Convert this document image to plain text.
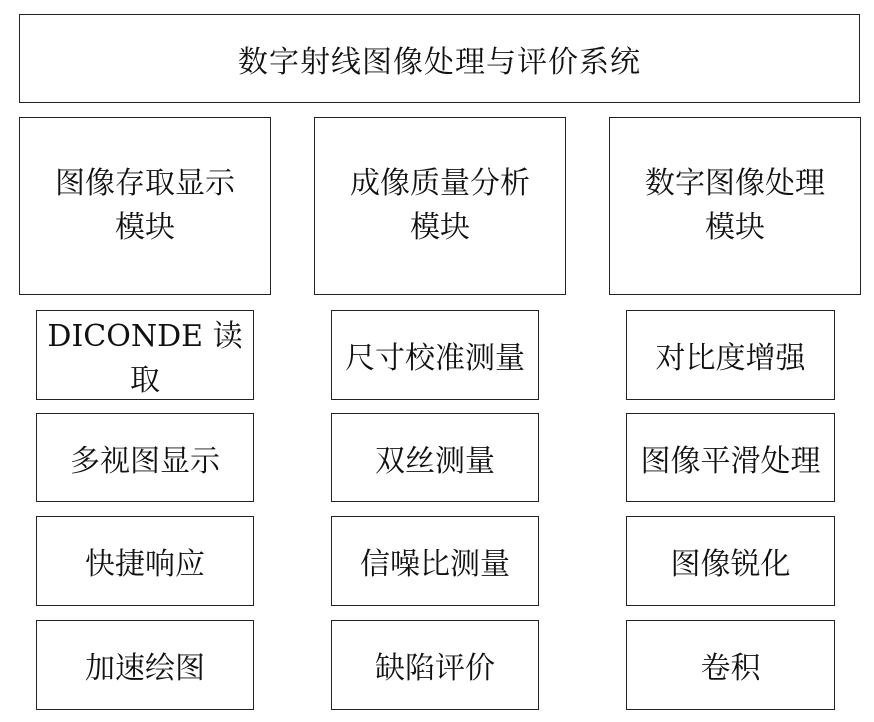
数字射线图像处理与评价系统
图像存取显示
模块
DICONDE 读取
多视图显示
快捷响应
加速绘图
成像质量分析
模块
尺寸校准测量
双丝测量
信噪比测量
缺陷评价
数字图像处理
模块
对比度增强
图像平滑处理
图像锐化
卷积
